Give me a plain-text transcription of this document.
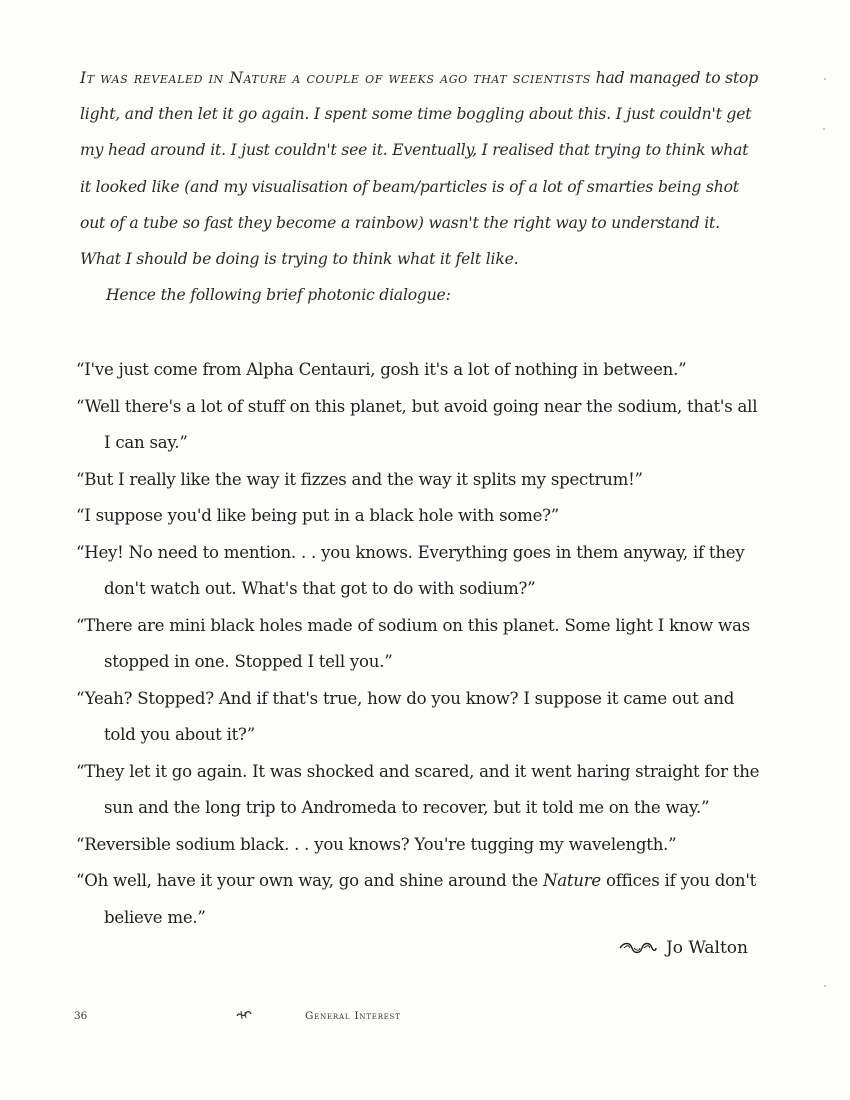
It was revealed in Nature a couple of weeks ago that scientists had managed to stop light, and then let it go again. I spent some time boggling about this. I just couldn't get my head around it. I just couldn't see it. Eventually, I realised that trying to think what it looked like (and my visualisation of beam/particles is of a lot of smarties being shot out of a tube so fast they become a rainbow) wasn't the right way to understand it. What I should be doing is trying to think what it felt like.

Hence the following brief photonic dialogue:

“I've just come from Alpha Centauri, gosh it's a lot of nothing in between.”

“Well there's a lot of stuff on this planet, but avoid going near the sodium, that's all I can say.”

“But I really like the way it fizzes and the way it splits my spectrum!”

“I suppose you'd like being put in a black hole with some?”

“Hey! No need to mention. . . you knows. Everything goes in them anyway, if they don't watch out. What's that got to do with sodium?”

“There are mini black holes made of sodium on this planet. Some light I know was stopped in one. Stopped I tell you.”

“Yeah? Stopped? And if that's true, how do you know? I suppose it came out and told you about it?”

“They let it go again. It was shocked and scared, and it went haring straight for the sun and the long trip to Andromeda to recover, but it told me on the way.”

“Reversible sodium black. . . you knows? You're tugging my wavelength.”

“Oh well, have it your own way, go and shine around the Nature offices if you don't believe me.”

Jo Walton
36	General Interest
